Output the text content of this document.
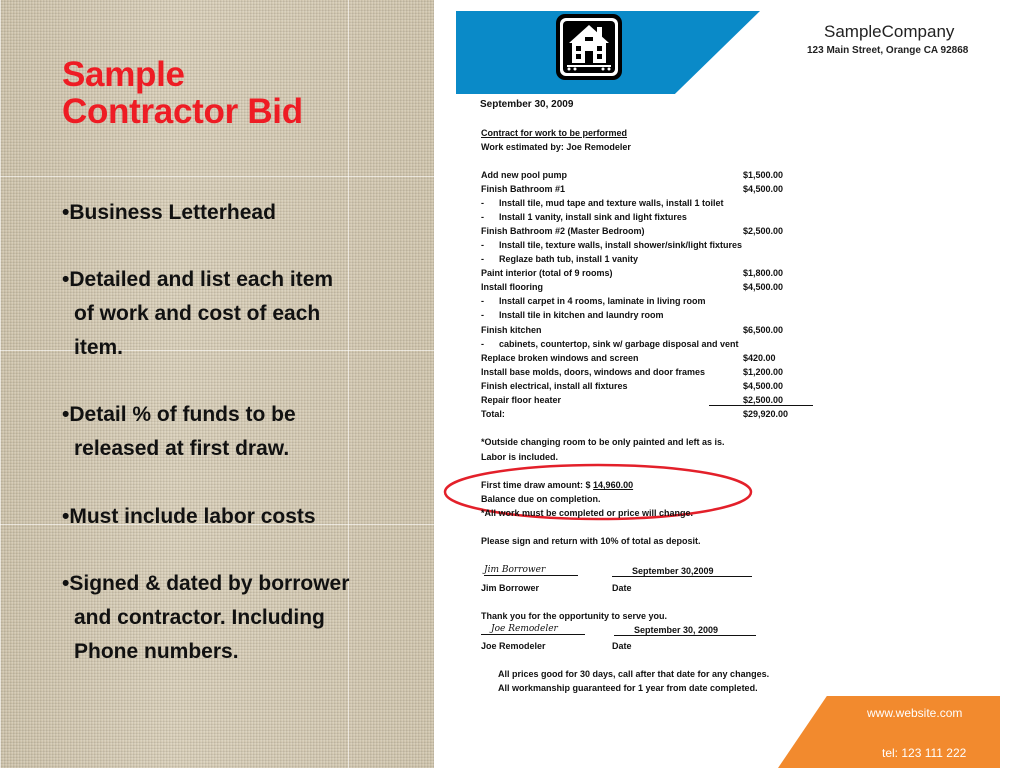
Sample
Contractor Bid

•Business Letterhead

•Detailed and list each item
of work and cost of each
item.

•Detail % of funds to be
released at first draw.

•Must include labor costs

•Signed & dated by borrower
and contractor. Including
Phone numbers.

SampleCompany
123 Main Street, Orange CA 92868
September 30, 2009
Contract for work to be performed
Work estimated by: Joe Remodeler
Add new pool pump	$1,500.00
Finish Bathroom #1	$4,500.00
-      Install tile, mud tape and texture walls, install 1 toilet
-      Install 1 vanity, install sink and light fixtures
Finish Bathroom #2 (Master Bedroom)	$2,500.00
-      Install tile, texture walls, install shower/sink/light fixtures
-      Reglaze bath tub, install 1 vanity
Paint interior (total of 9 rooms)	$1,800.00
Install flooring	$4,500.00
-      Install carpet in 4 rooms, laminate in living room
-      Install tile in kitchen and laundry room
Finish kitchen	$6,500.00
-      cabinets, countertop, sink w/ garbage disposal and vent
Replace broken windows and screen	$420.00
Install base molds, doors, windows and door frames	$1,200.00
Finish electrical, install all fixtures	$4,500.00
Repair floor heater	$2,500.00
Total:	$29,920.00
*Outside changing room to be only painted and left as is.
Labor is included.
First time draw amount: $ 14,960.00
Balance due on completion.
*All work must be completed or price will change.
Please sign and return with 10% of total as deposit.
Jim Borrower	September 30,2009
Jim Borrower	Date
Thank you for the opportunity to serve you.
Joe Remodeler	September 30, 2009
Joe Remodeler	Date
All prices good for 30 days, call after that date for any changes.
All workmanship guaranteed for 1 year from date completed.
www.website.com
tel: 123 111 222
